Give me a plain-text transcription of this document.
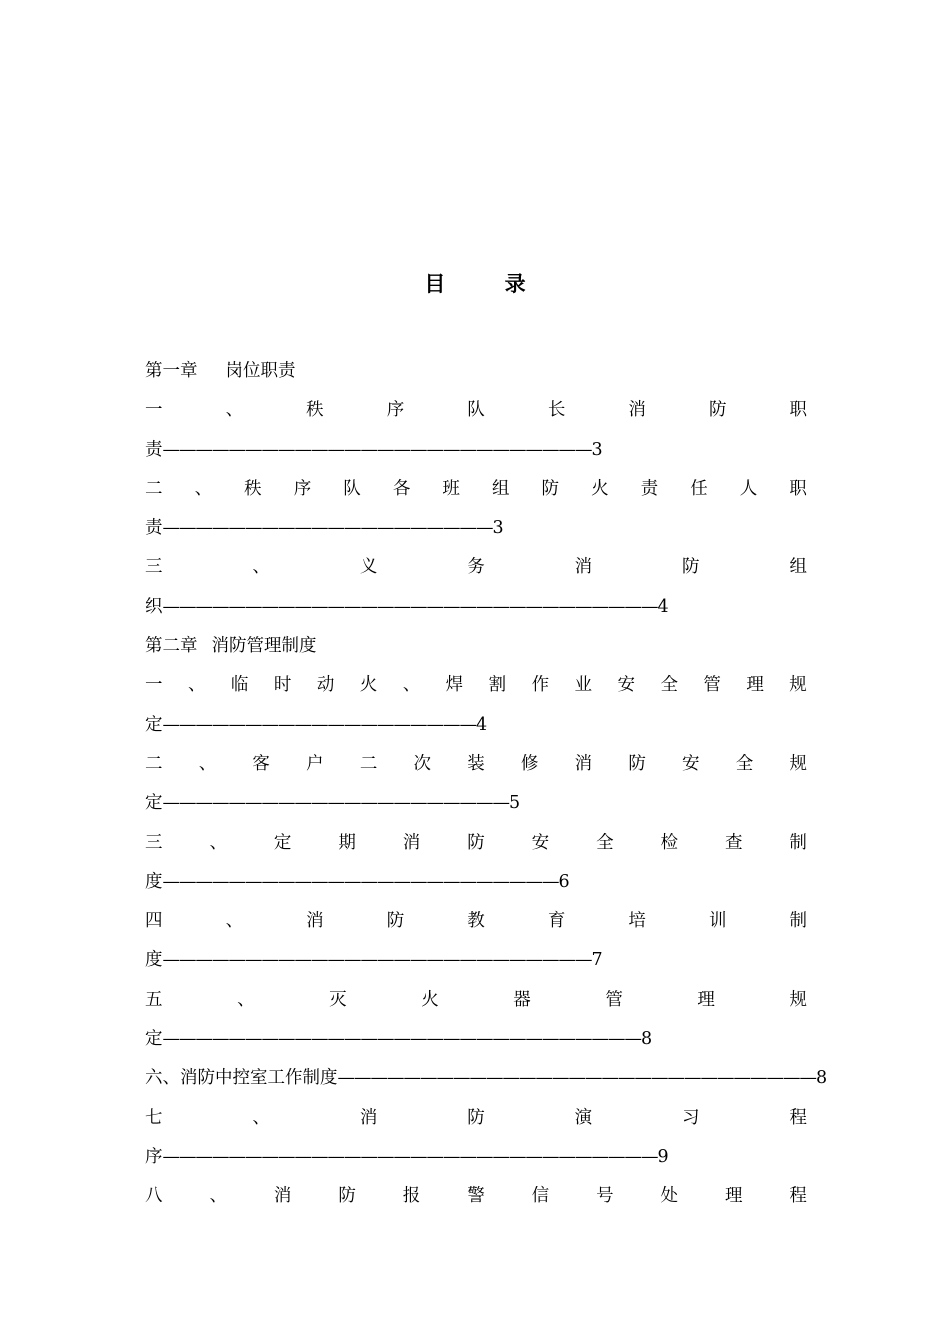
目 录
第一章 岗位职责
一	、	秩	序	队	长	消	防	职
责——————————————————————————3
二 、 秩 序 队 各 班 组 防 火 责 任 人 职
责————————————————————3
三	、	义	务	消	防	组
织——————————————————————————————4
第二章 消防管理制度
一 、 临 时 动 火 、 焊 割 作 业 安 全 管 理 规
定———————————————————4
二 、 客 户 二 次 装 修 消 防 安 全 规
定—————————————————————5
三	、	定	期	消	防	安	全	检	查	制
度————————————————————————6
四	、	消	防	教	育	培	训	制
度——————————————————————————7
五	、	灭	火	器	管	理	规
定—————————————————————————————8
六、消防中控室工作制度—————————————————————————————8
七	、	消	防	演	习	程
序——————————————————————————————9
八	、	消	防	报	警	信	号	处	理	程
